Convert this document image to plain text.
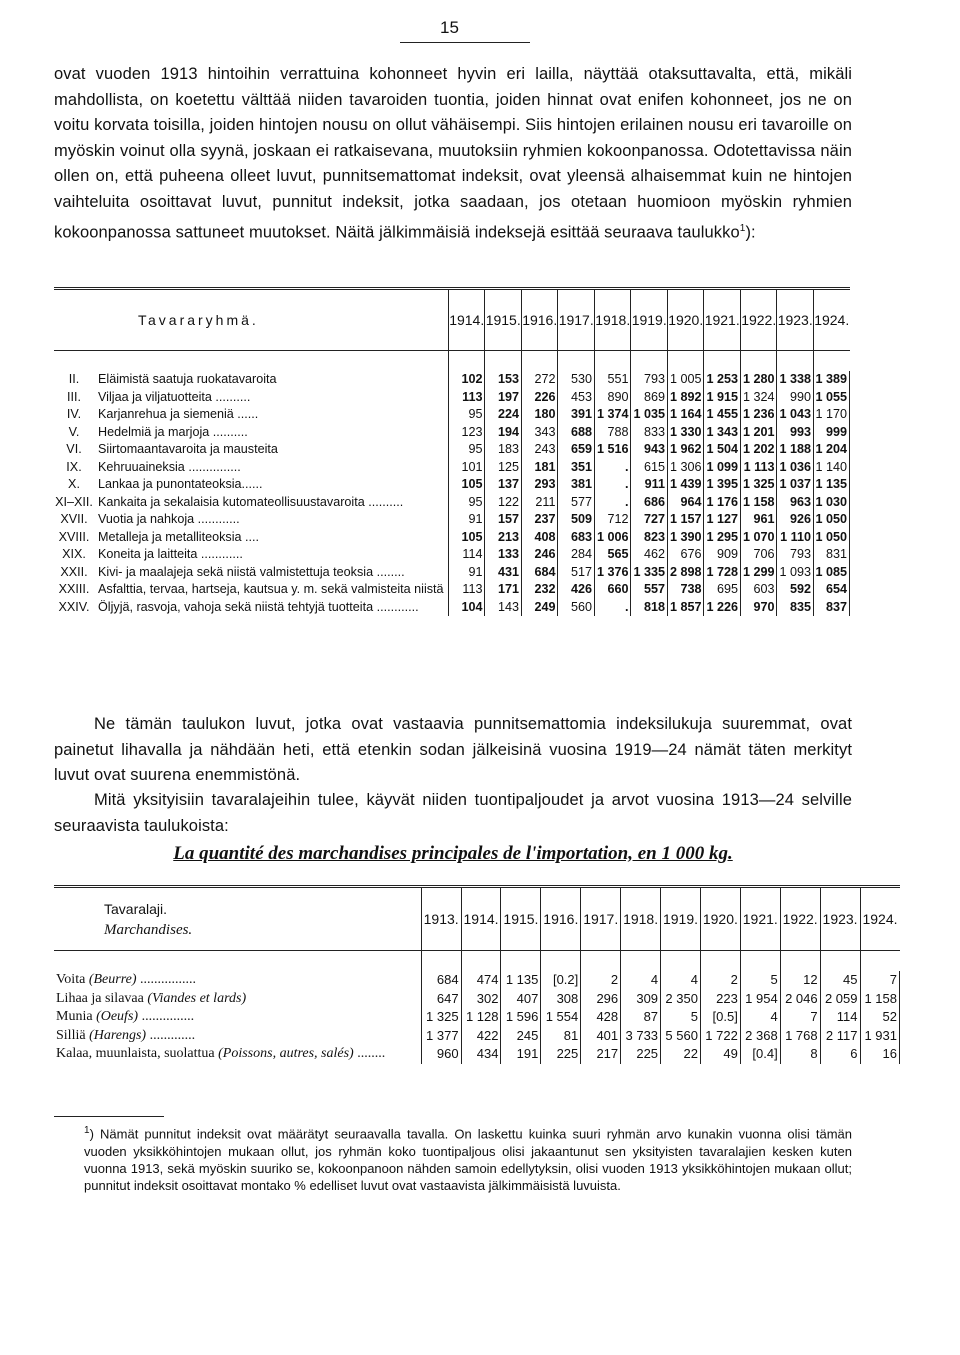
15
ovat vuoden 1913 hintoihin verrattuina kohonneet hyvin eri lailla, näyttää otaksuttavalta, että, mikäli mahdollista, on koetettu välttää niiden tavaroiden tuontia, joiden hinnat ovat enifen kohonneet, jos ne on voitu korvata toisilla, joiden hintojen nousu on ollut vähäisempi. Siis hintojen erilainen nousu eri tavaroille on myöskin voinut olla syynä, joskaan ei ratkaisevana, muutoksiin ryhmien kokoonpanossa. Odotettavissa näin ollen on, että puheena olleet luvut, punnitsemattomat indeksit, ovat yleensä alhaisemmat kuin ne hintojen vaihteluita osoittavat luvut, punnitut indeksit, jotka saadaan, jos otetaan huomioon myöskin ryhmien kokoonpanossa sattuneet muutokset. Näitä jälkimmäisiä indeksejä esittää seuraava taulukko$^1$):
Tavararyhmä.		1914.	1915.	1916.	1917.	1918.	1919.	1920.	1921.	1922.	1923.	1924.

II.	Eläimistä saatuja ruokatavaroita	102	153	272	530	551	793	1 005	1 253	1 280	1 338	1 389
III.	Viljaa ja viljatuotteita ..........	113	197	226	453	890	869	1 892	1 915	1 324	990	1 055
IV.	Karjanrehua ja siemeniä ......	95	224	180	391	1 374	1 035	1 164	1 455	1 236	1 043	1 170
V.	Hedelmiä ja marjoja ..........	123	194	343	688	788	833	1 330	1 343	1 201	993	999
VI.	Siirtomaantavaroita ja mausteita	95	183	243	659	1 516	943	1 962	1 504	1 202	1 188	1 204
IX.	Kehruuaineksia ...............	101	125	181	351	.	615	1 306	1 099	1 113	1 036	1 140
X.	Lankaa ja punontateoksia......	105	137	293	381	.	911	1 439	1 395	1 325	1 037	1 135
XI–XII.	Kankaita ja sekalaisia kutomateollisuustavaroita ..........	95	122	211	577	.	686	964	1 176	1 158	963	1 030
XVII.	Vuotia ja nahkoja ............	91	157	237	509	712	727	1 157	1 127	961	926	1 050
XVIII.	Metalleja ja metalliteoksia ....	105	213	408	683	1 006	823	1 390	1 295	1 070	1 110	1 050
XIX.	Koneita ja laitteita ............	114	133	246	284	565	462	676	909	706	793	831
XXII.	Kivi- ja maalajeja sekä niistä valmistettuja teoksia ........	91	431	684	517	1 376	1 335	2 898	1 728	1 299	1 093	1 085
XXIII.	Asfalttia, tervaa, hartseja, kautsua y. m. sekä valmisteita niistä	113	171	232	426	660	557	738	695	603	592	654
XXIV.	Öljyjä, rasvoja, vahoja sekä niistä tehtyjä tuotteita ............	104	143	249	560	.	818	1 857	1 226	970	835	837
Ne tämän taulukon luvut, jotka ovat vastaavia punnitsemattomia indeksilukuja suuremmat, ovat painetut lihavalla ja nähdään heti, että etenkin sodan jälkeisinä vuosina 1919—24 nämät täten merkityt luvut ovat suurena enemmistönä.
Mitä yksityisiin tavaralajeihin tulee, käyvät niiden tuontipaljoudet ja arvot vuosina 1913—24 selville seuraavista taulukoista:
La quantité des marchandises principales de l'importation, en 1 000 kg.
Tavaralaji.
Marchandises.	1913.	1914.	1915.	1916.	1917.	1918.	1919.	1920.	1921.	1922.	1923.	1924.

Voita (Beurre) ................	684	474	1 135	[0.2]	2	4	4	2	5	12	45	7
Lihaa ja silavaa (Viandes et lards)	647	302	407	308	296	309	2 350	223	1 954	2 046	2 059	1 158
Munia (Oeufs) ...............	1 325	1 128	1 596	1 554	428	87	5	[0.5]	4	7	114	52
Silliä (Harengs) .............	1 377	422	245	81	401	3 733	5 560	1 722	2 368	1 768	2 117	1 931
Kalaa, muunlaista, suolattua (Poissons, autres, salés) ........	960	434	191	225	217	225	22	49	[0.4]	8	6	16
$^1$) Nämät punnitut indeksit ovat määrätyt seuraavalla tavalla. On laskettu kuinka suuri ryhmän arvo kunakin vuonna olisi tämän vuoden yksikköhintojen mukaan ollut, jos ryhmän koko tuontipaljous olisi jakaantunut sen yksityisten tavaralajien kesken kuten vuonna 1913, sekä myöskin suuriko se, kokoonpanoon nähden samoin edellytyksin, olisi vuoden 1913 yksikköhintojen mukaan ollut; punnitut indeksit osoittavat montako % edelliset luvut ovat vastaavista jälkimmäisistä luvuista.
